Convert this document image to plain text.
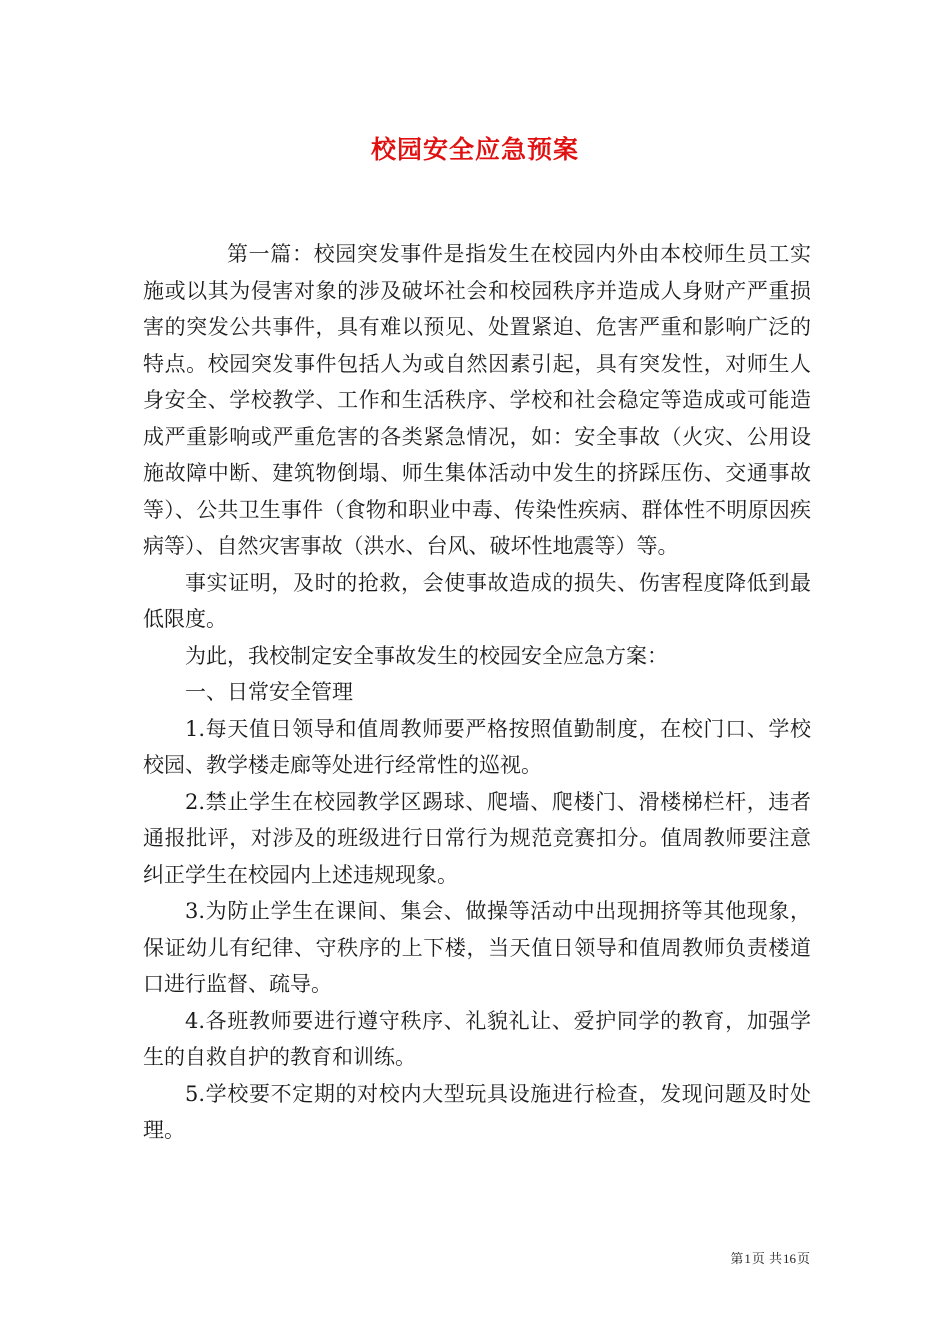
校园安全应急预案

第一篇：校园突发事件是指发生在校园内外由本校师生员工实施或以其为侵害对象的涉及破坏社会和校园秩序并造成人身财产严重损害的突发公共事件，具有难以预见、处置紧迫、危害严重和影响广泛的特点。校园突发事件包括人为或自然因素引起，具有突发性，对师生人身安全、学校教学、工作和生活秩序、学校和社会稳定等造成或可能造成严重影响或严重危害的各类紧急情况，如：安全事故（火灾、公用设施故障中断、建筑物倒塌、师生集体活动中发生的挤踩压伤、交通事故等）、公共卫生事件（食物和职业中毒、传染性疾病、群体性不明原因疾病等）、自然灾害事故（洪水、台风、破坏性地震等）等。

事实证明，及时的抢救，会使事故造成的损失、伤害程度降低到最低限度。

为此，我校制定安全事故发生的校园安全应急方案：

一、日常安全管理

1.每天值日领导和值周教师要严格按照值勤制度，在校门口、学校校园、教学楼走廊等处进行经常性的巡视。

2.禁止学生在校园教学区踢球、爬墙、爬楼门、滑楼梯栏杆，违者通报批评，对涉及的班级进行日常行为规范竞赛扣分。值周教师要注意纠正学生在校园内上述违规现象。

3.为防止学生在课间、集会、做操等活动中出现拥挤等其他现象，保证幼儿有纪律、守秩序的上下楼，当天值日领导和值周教师负责楼道口进行监督、疏导。

4.各班教师要进行遵守秩序、礼貌礼让、爱护同学的教育，加强学生的自救自护的教育和训练。

5.学校要不定期的对校内大型玩具设施进行检查，发现问题及时处理。

第1页 共16页
